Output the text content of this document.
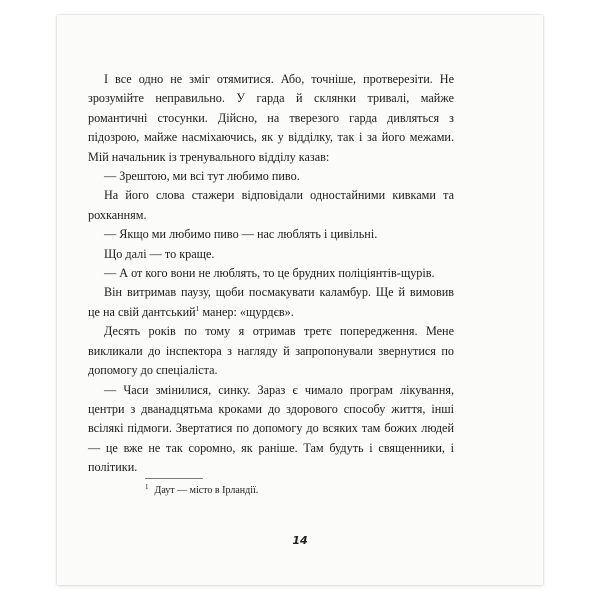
І все одно не зміг отямитися. Або, точніше, протверезіти. Не зрозумійте неправильно. У гарда й склянки тривалі, майже романтичні стосунки. Дійсно, на тверезого гарда дивляться з підозрою, майже насміхаючись, як у відділку, так і за його межами. Мій начальник із тренувального відділу казав:

— Зрештою, ми всі тут любимо пиво.

На його слова стажери відповідали одностайними кивками та рохканням.

— Якщо ми любимо пиво — нас люблять і цивільні.

Що далі — то краще.

— А от кого вони не люблять, то це брудних поліціянтів-щурів.

Він витримав паузу, щоби посмакувати каламбур. Ще й вимовив це на свій дантський$^1$ манер: «щурдєв».

Десять років по тому я отримав третє попередження. Мене викликали до інспектора з нагляду й запропонували звернутися по допомогу до спеціаліста.

— Часи змінилися, синку. Зараз є чимало програм лікування, центри з дванадцятьма кроками до здорового способу життя, інші всілякі підмоги. Звертатися по допомогу до всяких там божих людей — це вже не так соромно, як раніше. Там будуть і священники, і політики.

$^1$ Даут — місто в Ірландії.
14
